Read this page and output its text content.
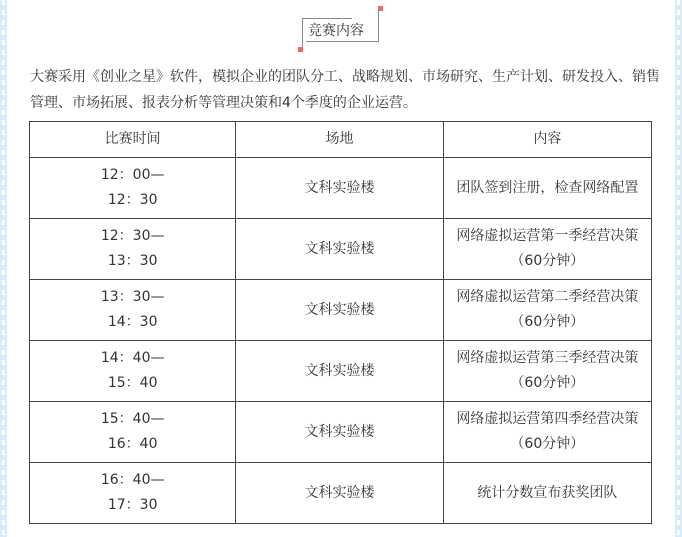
竞赛内容
大赛采用《创业之星》软件，模拟企业的团队分工、战略规划、市场研究、生产计划、研发投入、销售管理、市场拓展、报表分析等管理决策和4个季度的企业运营。
比赛时间	场地	内容

12：00—
12：30	文科实验楼	团队签到注册，检查网络配置

12：30—
13：30	文科实验楼	网络虚拟运营第一季经营决策（60分钟）

13：30—
14：30	文科实验楼	网络虚拟运营第二季经营决策（60分钟）

14：40—
15：40	文科实验楼	网络虚拟运营第三季经营决策（60分钟）

15：40—
16：40	文科实验楼	网络虚拟运营第四季经营决策（60分钟）

16：40—
17：30	文科实验楼	统计分数宣布获奖团队
